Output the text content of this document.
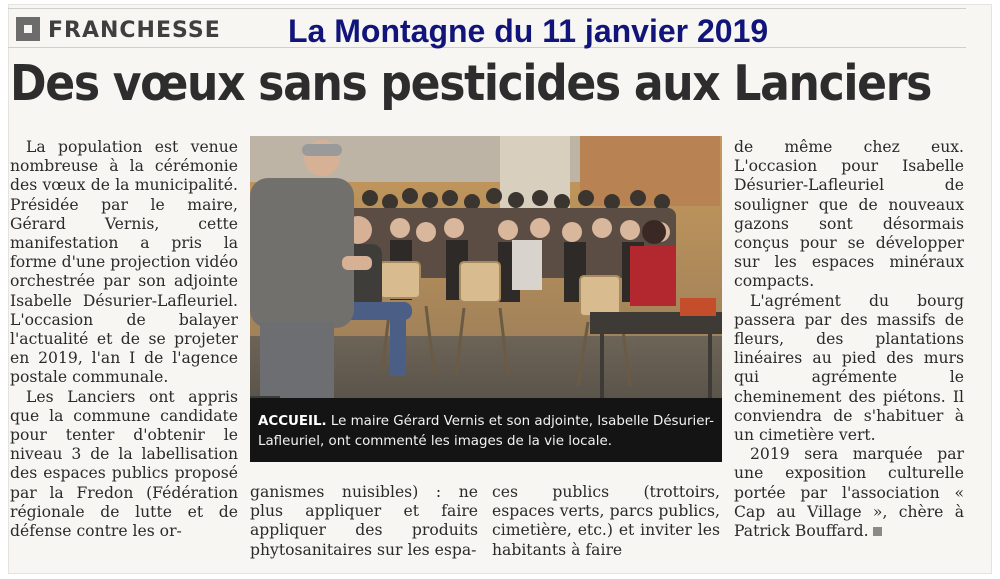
FRANCHESSE La Montagne du 11 janvier 2019
Des vœux sans pesticides aux Lanciers

La population est venue nombreuse à la cérémonie des vœux de la municipalité. Présidée par le maire, Gérard Vernis, cette manifestation a pris la forme d'une projection vidéo orchestrée par son adjointe Isabelle Désurier-Lafleuriel. L'occasion de balayer l'actualité et de se projeter en 2019, l'an I de l'agence postale communale.

Les Lanciers ont appris que la commune candidate pour tenter d'obtenir le niveau 3 de la labellisation des espaces publics proposé par la Fredon (Fédération régionale de lutte et de défense contre les or-

ACCUEIL. Le maire Gérard Vernis et son adjointe, Isabelle Désurier-Lafleuriel, ont commenté les images de la vie locale.

ganismes nuisibles) : ne plus appliquer et faire appliquer des produits phytosanitaires sur les espa-

ces publics (trottoirs, espaces verts, parcs publics, cimetière, etc.) et inviter les habitants à faire

de même chez eux. L'occasion pour Isabelle Désurier-Lafleuriel de souligner que de nouveaux gazons sont désormais conçus pour se développer sur les espaces minéraux compacts.

L'agrément du bourg passera par des massifs de fleurs, des plantations linéaires au pied des murs qui agrémente le cheminement des piétons. Il conviendra de s'habituer à un cimetière vert.

2019 sera marquée par une exposition culturelle portée par l'association « Cap au Village », chère à Patrick Bouffard.
